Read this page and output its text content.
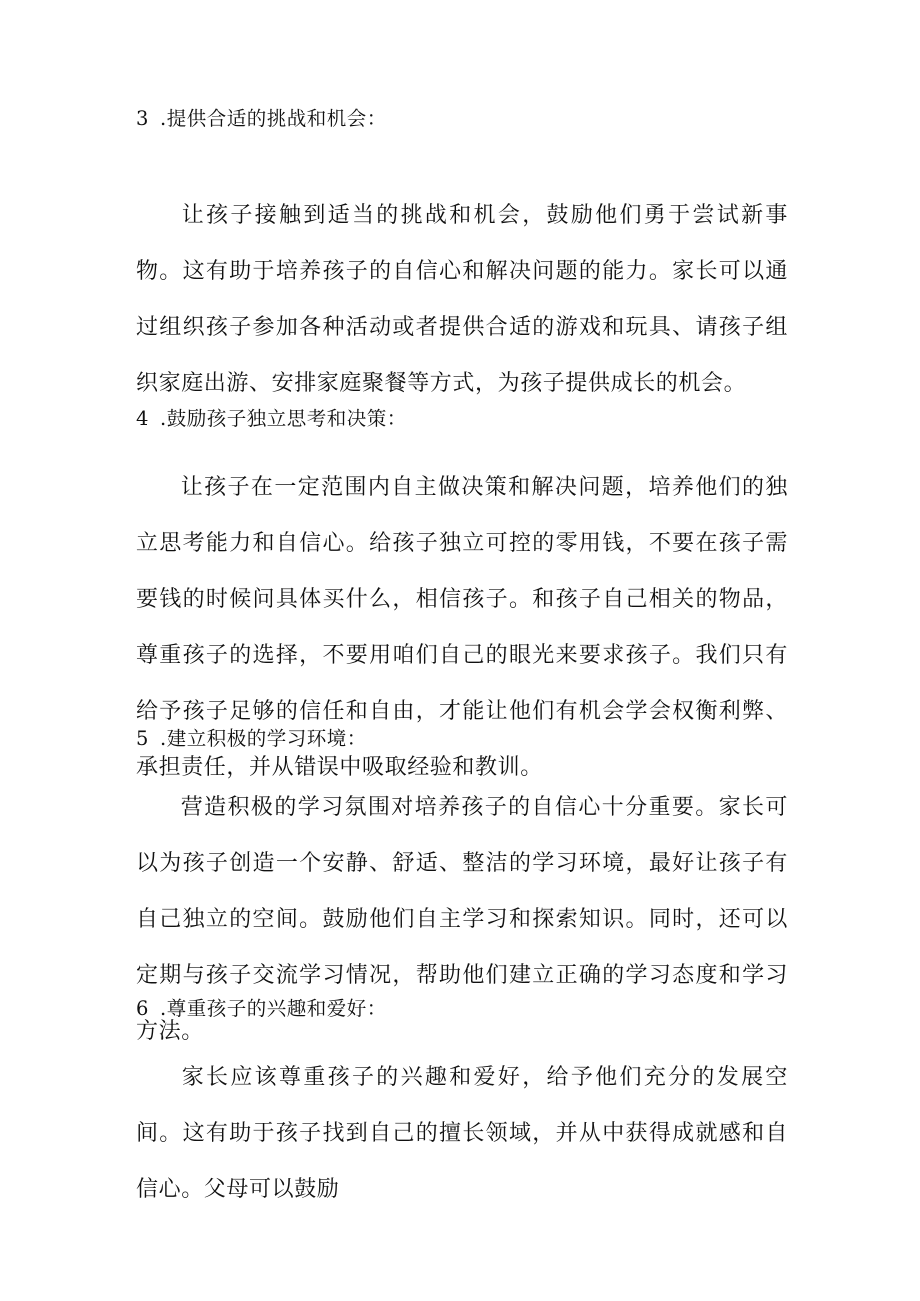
3 .提供合适的挑战和机会：
让孩子接触到适当的挑战和机会，鼓励他们勇于尝试新事物。这有助于培养孩子的自信心和解决问题的能力。家长可以通过组织孩子参加各种活动或者提供合适的游戏和玩具、请孩子组织家庭出游、安排家庭聚餐等方式，为孩子提供成长的机会。
4 .鼓励孩子独立思考和决策：
让孩子在一定范围内自主做决策和解决问题，培养他们的独立思考能力和自信心。给孩子独立可控的零用钱，不要在孩子需要钱的时候问具体买什么，相信孩子。和孩子自己相关的物品，尊重孩子的选择，不要用咱们自己的眼光来要求孩子。我们只有给予孩子足够的信任和自由，才能让他们有机会学会权衡利弊、承担责任，并从错误中吸取经验和教训。
5 .建立积极的学习环境：
营造积极的学习氛围对培养孩子的自信心十分重要。家长可以为孩子创造一个安静、舒适、整洁的学习环境，最好让孩子有自己独立的空间。鼓励他们自主学习和探索知识。同时，还可以定期与孩子交流学习情况，帮助他们建立正确的学习态度和学习方法。
6 .尊重孩子的兴趣和爱好：
家长应该尊重孩子的兴趣和爱好，给予他们充分的发展空间。这有助于孩子找到自己的擅长领域，并从中获得成就感和自信心。父母可以鼓励
